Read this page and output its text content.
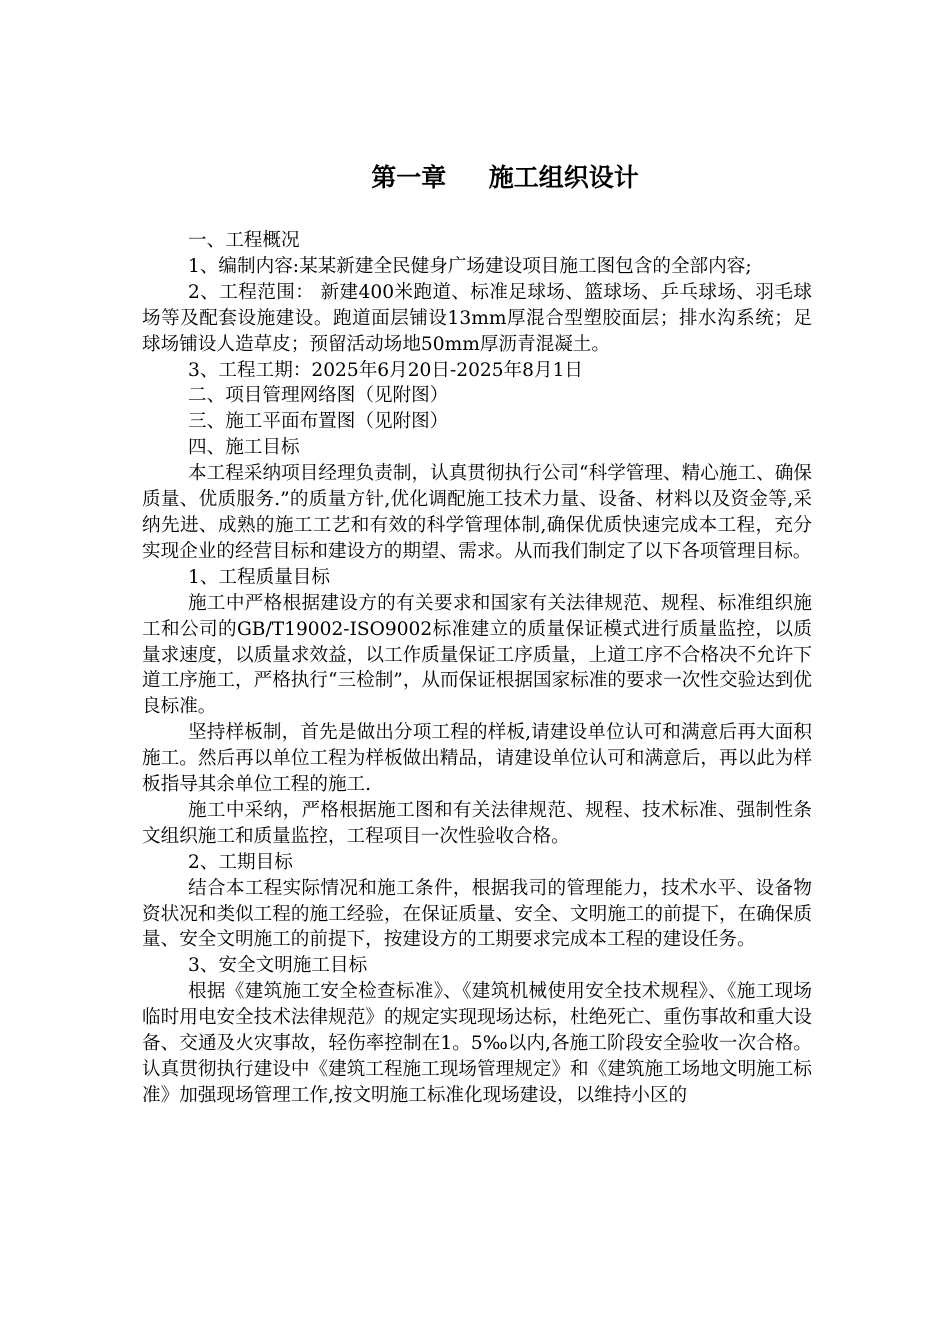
第一章　  施工组织设计

一、工程概况

1、编制内容:某某新建全民健身广场建设项目施工图包含的全部内容;

2、工程范围： 新建400米跑道、标准足球场、篮球场、乒乓球场、羽毛球场等及配套设施建设。跑道面层铺设13mm厚混合型塑胶面层；排水沟系统；足球场铺设人造草皮；预留活动场地50mm厚沥青混凝土。

3、工程工期：2025年6月20日-2025年8月1日

二、项目管理网络图（见附图）

三、施工平面布置图（见附图）

四、施工目标

本工程采纳项目经理负责制，认真贯彻执行公司“科学管理、精心施工、确保质量、优质服务.”的质量方针,优化调配施工技术力量、设备、材料以及资金等,采纳先进、成熟的施工工艺和有效的科学管理体制,确保优质快速完成本工程，充分实现企业的经营目标和建设方的期望、需求。从而我们制定了以下各项管理目标。

1、工程质量目标

施工中严格根据建设方的有关要求和国家有关法律规范、规程、标准组织施工和公司的GB/T19002-ISO9002标准建立的质量保证模式进行质量监控，以质量求速度，以质量求效益，以工作质量保证工序质量，上道工序不合格决不允许下道工序施工，严格执行“三检制”，从而保证根据国家标准的要求一次性交验达到优良标准。

坚持样板制，首先是做出分项工程的样板,请建设单位认可和满意后再大面积施工。然后再以单位工程为样板做出精品，请建设单位认可和满意后，再以此为样板指导其余单位工程的施工.

施工中采纳，严格根据施工图和有关法律规范、规程、技术标准、强制性条文组织施工和质量监控，工程项目一次性验收合格。

2、工期目标

结合本工程实际情况和施工条件，根据我司的管理能力，技术水平、设备物资状况和类似工程的施工经验，在保证质量、安全、文明施工的前提下，在确保质量、安全文明施工的前提下，按建设方的工期要求完成本工程的建设任务。

3、安全文明施工目标

根据《建筑施工安全检查标准》、《建筑机械使用安全技术规程》、《施工现场临时用电安全技术法律规范》的规定实现现场达标，杜绝死亡、重伤事故和重大设备、交通及火灾事故，轻伤率控制在1。5‰以内,各施工阶段安全验收一次合格。认真贯彻执行建设中《建筑工程施工现场管理规定》和《建筑施工场地文明施工标准》加强现场管理工作,按文明施工标准化现场建设，以维持小区的
